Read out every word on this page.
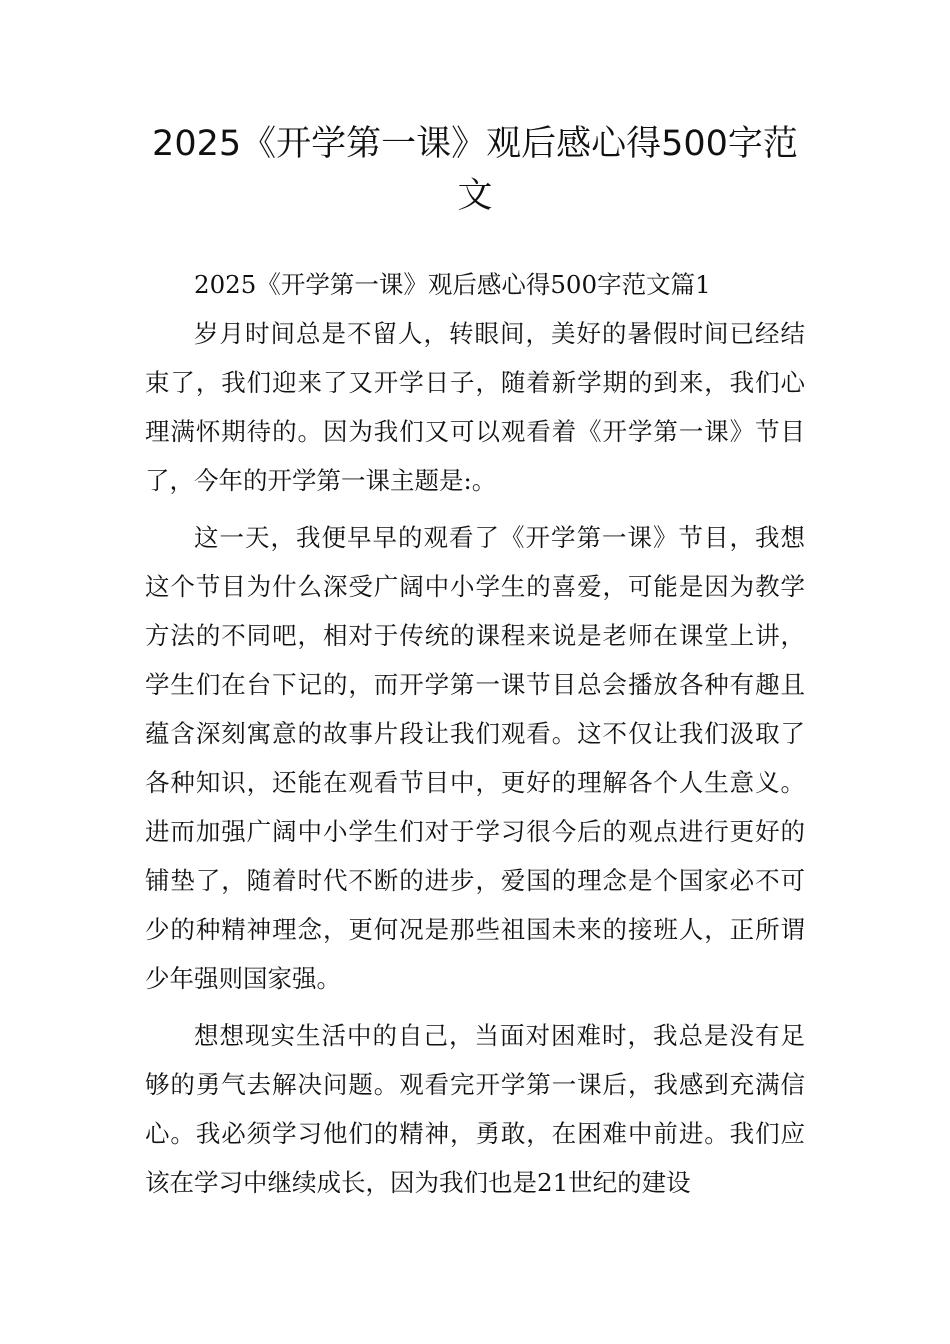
2025《开学第一课》观后感心得500字范文

2025《开学第一课》观后感心得500字范文篇1

岁月时间总是不留人，转眼间，美好的暑假时间已经结束了，我们迎来了又开学日子，随着新学期的到来，我们心理满怀期待的。因为我们又可以观看着《开学第一课》节目了，今年的开学第一课主题是:。

这一天，我便早早的观看了《开学第一课》节目，我想这个节目为什么深受广阔中小学生的喜爱，可能是因为教学方法的不同吧，相对于传统的课程来说是老师在课堂上讲，学生们在台下记的，而开学第一课节目总会播放各种有趣且蕴含深刻寓意的故事片段让我们观看。这不仅让我们汲取了各种知识，还能在观看节目中，更好的理解各个人生意义。进而加强广阔中小学生们对于学习很今后的观点进行更好的铺垫了，随着时代不断的进步，爱国的理念是个国家必不可少的种精神理念，更何况是那些祖国未来的接班人，正所谓少年强则国家强。

想想现实生活中的自己，当面对困难时，我总是没有足够的勇气去解决问题。观看完开学第一课后，我感到充满信心。我必须学习他们的精神，勇敢，在困难中前进。我们应该在学习中继续成长，因为我们也是21世纪的建设
